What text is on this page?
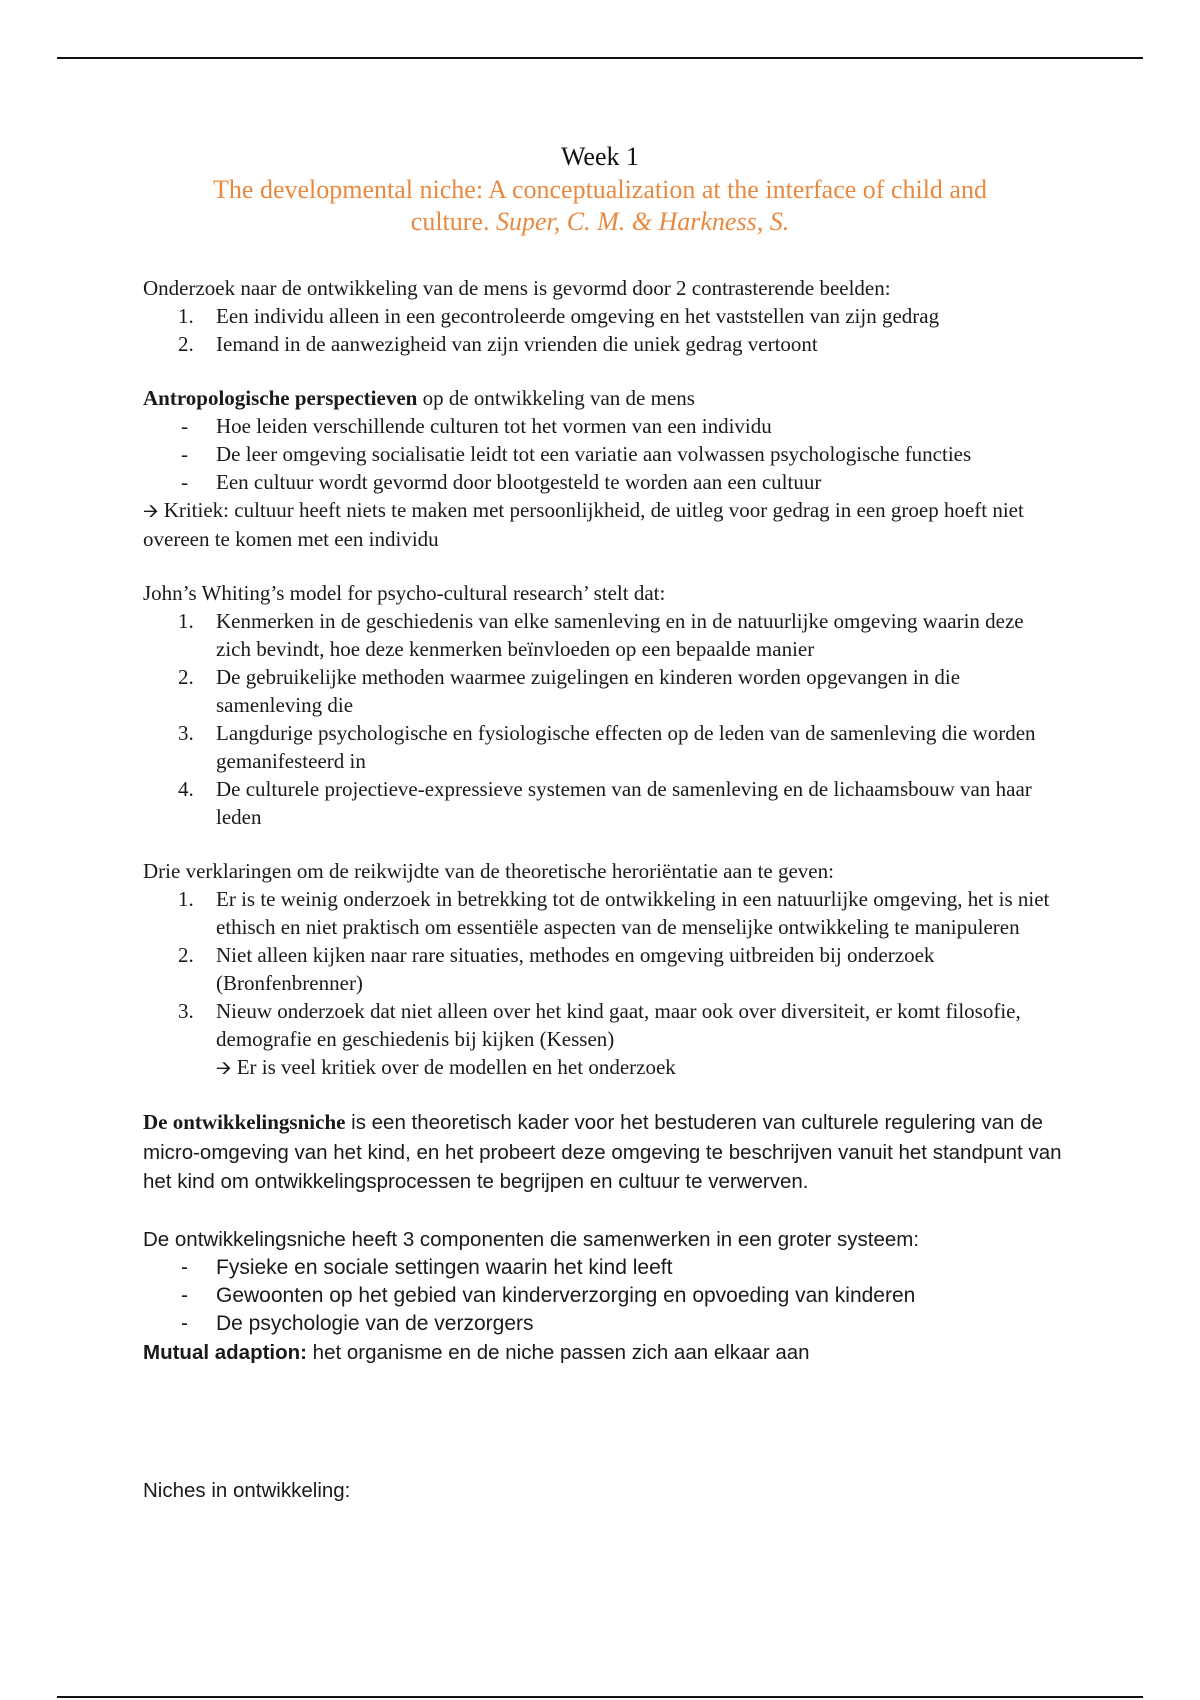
Week 1
The developmental niche: A conceptualization at the interface of child and
culture. Super, C. M. & Harkness, S.

Onderzoek naar de ontwikkeling van de mens is gevormd door 2 contrasterende beelden:

1.	Een individu alleen in een gecontroleerde omgeving en het vaststellen van zijn gedrag
2.	Iemand in de aanwezigheid van zijn vrienden die uniek gedrag vertoont

Antropologische perspectieven op de ontwikkeling van de mens

- Hoe leiden verschillende culturen tot het vormen van een individu
- De leer omgeving socialisatie leidt tot een variatie aan volwassen psychologische functies
- Een cultuur wordt gevormd door blootgesteld te worden aan een cultuur

🡪 Kritiek: cultuur heeft niets te maken met persoonlijkheid, de uitleg voor gedrag in een groep hoeft niet overeen te komen met een individu

John’s Whiting’s model for psycho-cultural research’ stelt dat:

1.	Kenmerken in de geschiedenis van elke samenleving en in de natuurlijke omgeving waarin deze zich bevindt, hoe deze kenmerken beïnvloeden op een bepaalde manier
2.	De gebruikelijke methoden waarmee zuigelingen en kinderen worden opgevangen in die samenleving die
3.	Langdurige psychologische en fysiologische effecten op de leden van de samenleving die worden gemanifesteerd in
4.	De culturele projectieve-expressieve systemen van de samenleving en de lichaamsbouw van haar leden

Drie verklaringen om de reikwijdte van de theoretische heroriëntatie aan te geven:

1.	Er is te weinig onderzoek in betrekking tot de ontwikkeling in een natuurlijke omgeving, het is niet ethisch en niet praktisch om essentiële aspecten van de menselijke ontwikkeling te manipuleren
2.	Niet alleen kijken naar rare situaties, methodes en omgeving uitbreiden bij onderzoek (Bronfenbrenner)
3.	Nieuw onderzoek dat niet alleen over het kind gaat, maar ook over diversiteit, er komt filosofie, demografie en geschiedenis bij kijken (Kessen)
🡪 Er is veel kritiek over de modellen en het onderzoek

De ontwikkelingsniche is een theoretisch kader voor het bestuderen van culturele regulering van de micro-omgeving van het kind, en het probeert deze omgeving te beschrijven vanuit het standpunt van het kind om ontwikkelingsprocessen te begrijpen en cultuur te verwerven.

De ontwikkelingsniche heeft 3 componenten die samenwerken in een groter systeem:

- Fysieke en sociale settingen waarin het kind leeft
- Gewoonten op het gebied van kinderverzorging en opvoeding van kinderen
- De psychologie van de verzorgers

Mutual adaption: het organisme en de niche passen zich aan elkaar aan

Niches in ontwikkeling:
